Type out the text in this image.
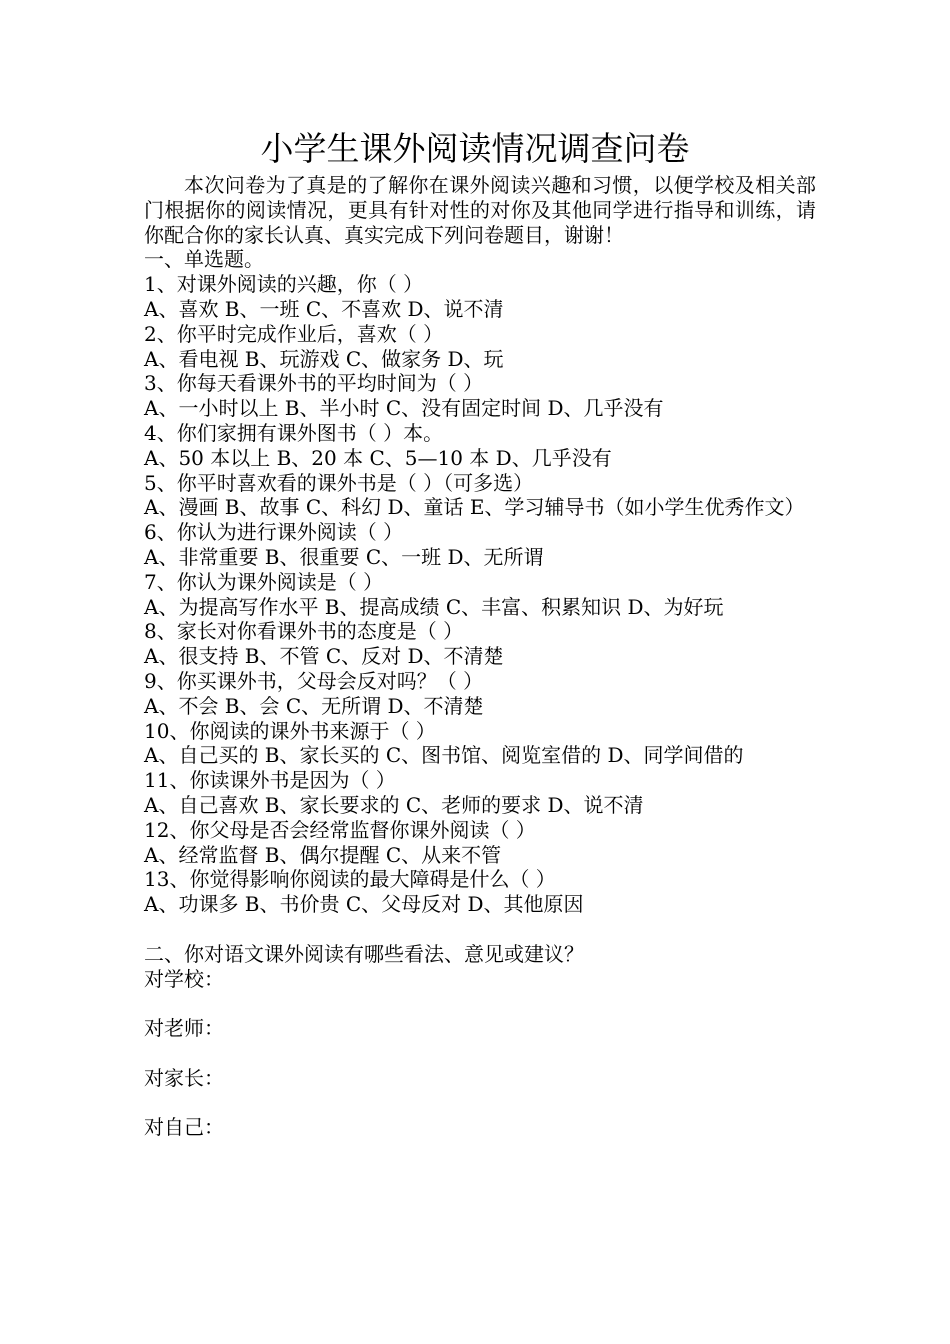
小学生课外阅读情况调查问卷
本次问卷为了真是的了解你在课外阅读兴趣和习惯，以便学校及相关部门根据你的阅读情况，更具有针对性的对你及其他同学进行指导和训练，请你配合你的家长认真、真实完成下列问卷题目，谢谢！
一、单选题。
1、对课外阅读的兴趣，你（ ）
A、喜欢 B、一班 C、不喜欢 D、说不清
2、你平时完成作业后，喜欢（ ）
A、看电视 B、玩游戏 C、做家务 D、玩
3、你每天看课外书的平均时间为（ ）
A、一小时以上 B、半小时 C、没有固定时间 D、几乎没有
4、你们家拥有课外图书（ ）本。
A、50 本以上 B、20 本 C、5—10 本 D、几乎没有
5、你平时喜欢看的课外书是（ ）（可多选）
A、漫画 B、故事 C、科幻 D、童话 E、学习辅导书（如小学生优秀作文）
6、你认为进行课外阅读（ ）
A、非常重要 B、很重要 C、一班 D、无所谓
7、你认为课外阅读是（ ）
A、为提高写作水平 B、提高成绩 C、丰富、积累知识 D、为好玩
8、家长对你看课外书的态度是（ ）
A、很支持 B、不管 C、反对 D、不清楚
9、你买课外书，父母会反对吗？（ ）
A、不会 B、会 C、无所谓 D、不清楚
10、你阅读的课外书来源于（ ）
A、自己买的 B、家长买的 C、图书馆、阅览室借的 D、同学间借的
11、你读课外书是因为（ ）
A、自己喜欢 B、家长要求的 C、老师的要求 D、说不清
12、你父母是否会经常监督你课外阅读（ ）
A、经常监督 B、偶尔提醒 C、从来不管
13、你觉得影响你阅读的最大障碍是什么（ ）
A、功课多 B、书价贵 C、父母反对 D、其他原因
二、你对语文课外阅读有哪些看法、意见或建议？
对学校：
对老师：
对家长：
对自己：
